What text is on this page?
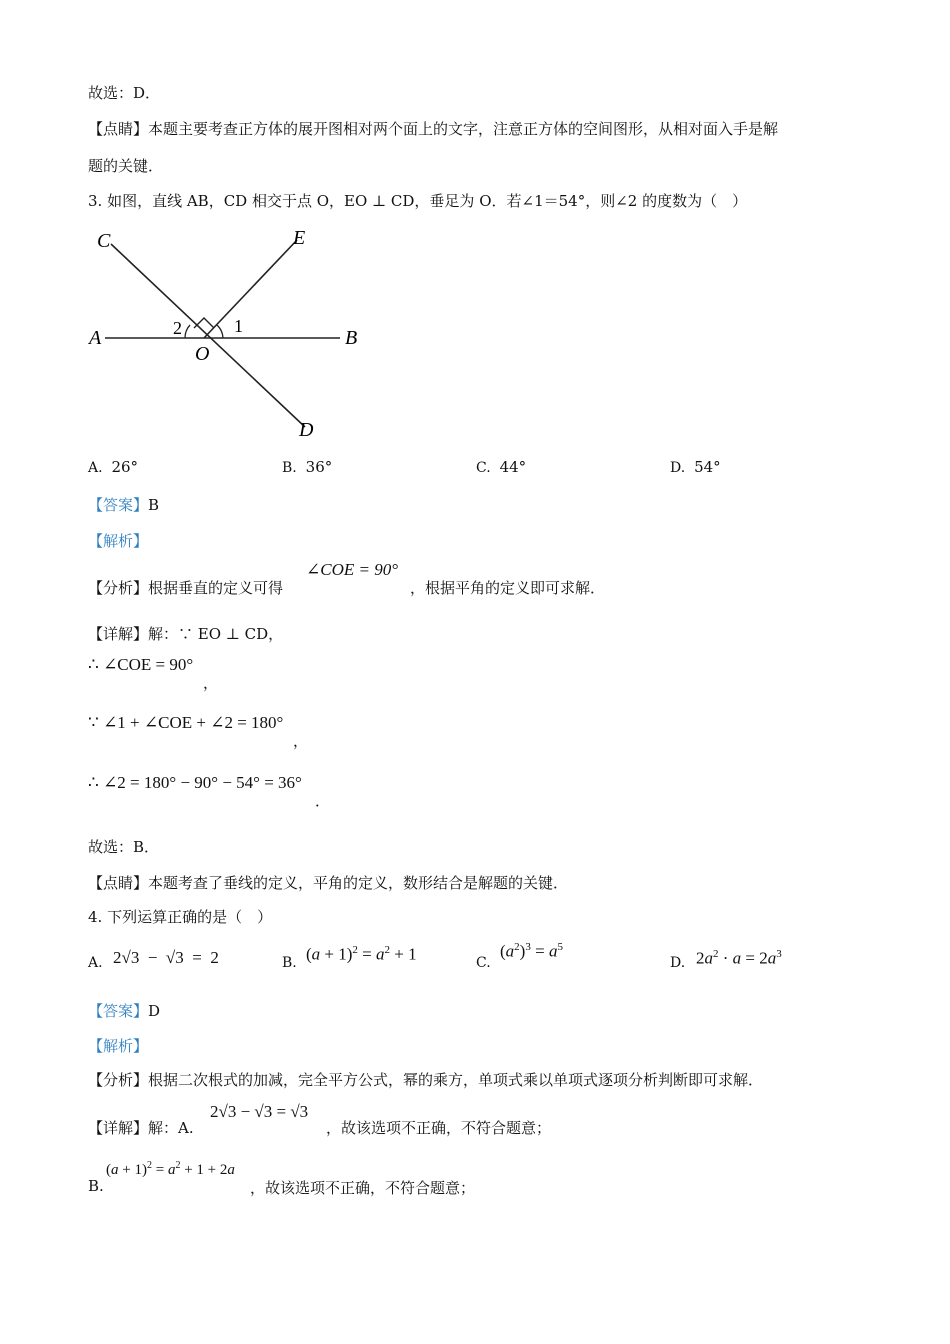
故选：D．
【点睛】本题主要考查正方体的展开图相对两个面上的文字，注意正方体的空间图形，从相对面入手是解
题的关键．
3. 如图，直线 AB，CD 相交于点 O，EO ⊥ CD，垂足为 O．若∠1＝54°，则∠2 的度数为（　）
C	E
A	B
O
D
1
2
A. 26°	B. 36°	C. 44°	D. 54°
【答案】B
【解析】
【分析】根据垂直的定义可得
∠COE = 90°
，根据平角的定义即可求解．
【详解】解：∵ EO ⊥ CD，
∴ ∠COE = 90°
，
∵ ∠1 + ∠COE + ∠2 = 180°
，
∴ ∠2 = 180° − 90° − 54° = 36°
．
故选：B．
【点睛】本题考查了垂线的定义，平角的定义，数形结合是解题的关键．
4. 下列运算正确的是（　）
A. 2√3  −  √3  =  2	B. $(a + 1)^2 = a^2 + 1$	C.
$(a^2)^3 = a^5$
D. $2a^2 \cdot a = 2a^3$
【答案】D
【解析】
【分析】根据二次根式的加减，完全平方公式，幂的乘方，单项式乘以单项式逐项分析判断即可求解．
【详解】解：A.
2√3 − √3 = √3
，故该选项不正确，不符合题意；
B.
$(a + 1)^2 = a^2 + 1 + 2a$
，故该选项不正确，不符合题意；
